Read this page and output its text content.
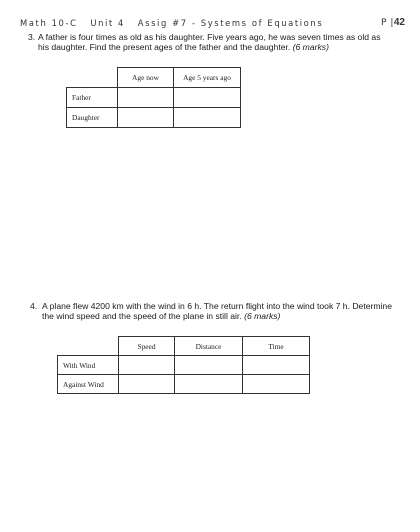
Math 10-C Unit 4 Assig #7 - Systems of Equations	P |42
3. A father is four times as old as his daughter. Five years ago, he was seven times as old as
his daughter. Find the present ages of the father and the daughter. (6 marks)
	Age now	Age 5 years ago
Father		
Daughter		
4. A plane flew 4200 km with the wind in 6 h. The return flight into the wind took 7 h. Determine
the wind speed and the speed of the plane in still air. (6 marks)
	Speed	Distance	Time
With Wind			
Against Wind			
